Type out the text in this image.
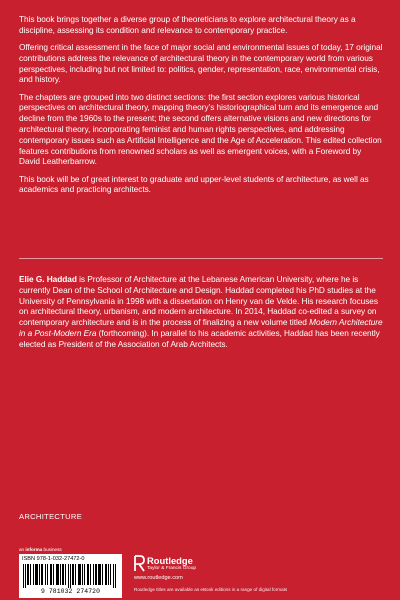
This book brings together a diverse group of theoreticians to explore architectural theory as a discipline, assessing its condition and relevance to contemporary practice.

Offering critical assessment in the face of major social and environmental issues of today, 17 original contributions address the relevance of architectural theory in the contemporary world from various perspectives, including but not limited to: politics, gender, representation, race, environmental crisis, and history.

The chapters are grouped into two distinct sections: the first section explores various historical perspectives on architectural theory, mapping theory’s historiographical turn and its emergence and decline from the 1960s to the present; the second offers alternative visions and new directions for architectural theory, incorporating feminist and human rights perspectives, and addressing contemporary issues such as Artificial Intelligence and the Age of Acceleration. This edited collection features contributions from renowned scholars as well as emergent voices, with a Foreword by David Leatherbarrow.

This book will be of great interest to graduate and upper-level students of architecture, as well as academics and practicing architects.

Elie G. Haddad is Professor of Architecture at the Lebanese American University, where he is currently Dean of the School of Architecture and Design. Haddad completed his PhD studies at the University of Pennsylvania in 1998 with a dissertation on Henry van de Velde. His research focuses on architectural theory, urbanism, and modern architecture. In 2014, Haddad co-edited a survey on contemporary architecture and is in the process of finalizing a new volume titled Modern Architecture in a Post-Modern Era (forthcoming). In parallel to his academic activities, Haddad has been recently elected as President of the Association of Arab Architects.

ARCHITECTURE
an informa business
ISBN 978-1-032-27472-0
9 781032 274720
Routledge
Taylor & Francis Group
www.routledge.com
Routledge titles are available as eBook editions in a range of digital formats
